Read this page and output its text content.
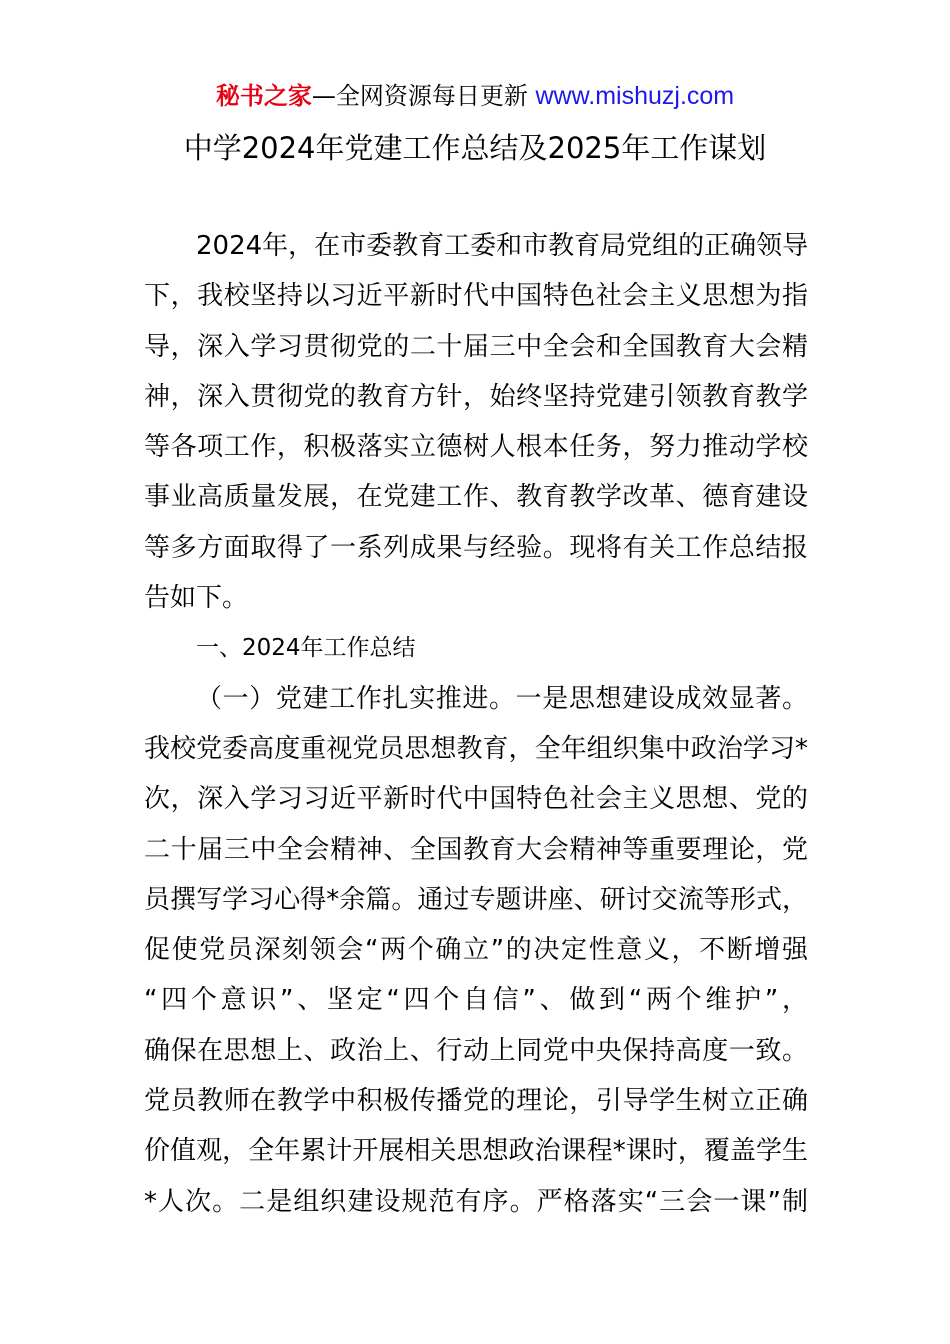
秘书之家—全网资源每日更新 www.mishuzj.com
中学2024年党建工作总结及2025年工作谋划
2024年，在市委教育工委和市教育局党组的正确领导
下，我校坚持以习近平新时代中国特色社会主义思想为指
导，深入学习贯彻党的二十届三中全会和全国教育大会精
神，深入贯彻党的教育方针，始终坚持党建引领教育教学
等各项工作，积极落实立德树人根本任务，努力推动学校
事业高质量发展，在党建工作、教育教学改革、德育建设
等多方面取得了一系列成果与经验。现将有关工作总结报
告如下。
一、2024年工作总结
（一）党建工作扎实推进。一是思想建设成效显著。
我校党委高度重视党员思想教育，全年组织集中政治学习*
次，深入学习习近平新时代中国特色社会主义思想、党的
二十届三中全会精神、全国教育大会精神等重要理论，党
员撰写学习心得*余篇。通过专题讲座、研讨交流等形式，
促使党员深刻领会“两个确立”的决定性意义，不断增强
“四个意识”、坚定“四个自信”、做到“两个维护”，
确保在思想上、政治上、行动上同党中央保持高度一致。
党员教师在教学中积极传播党的理论，引导学生树立正确
价值观，全年累计开展相关思想政治课程*课时，覆盖学生
*人次。二是组织建设规范有序。严格落实“三会一课”制
